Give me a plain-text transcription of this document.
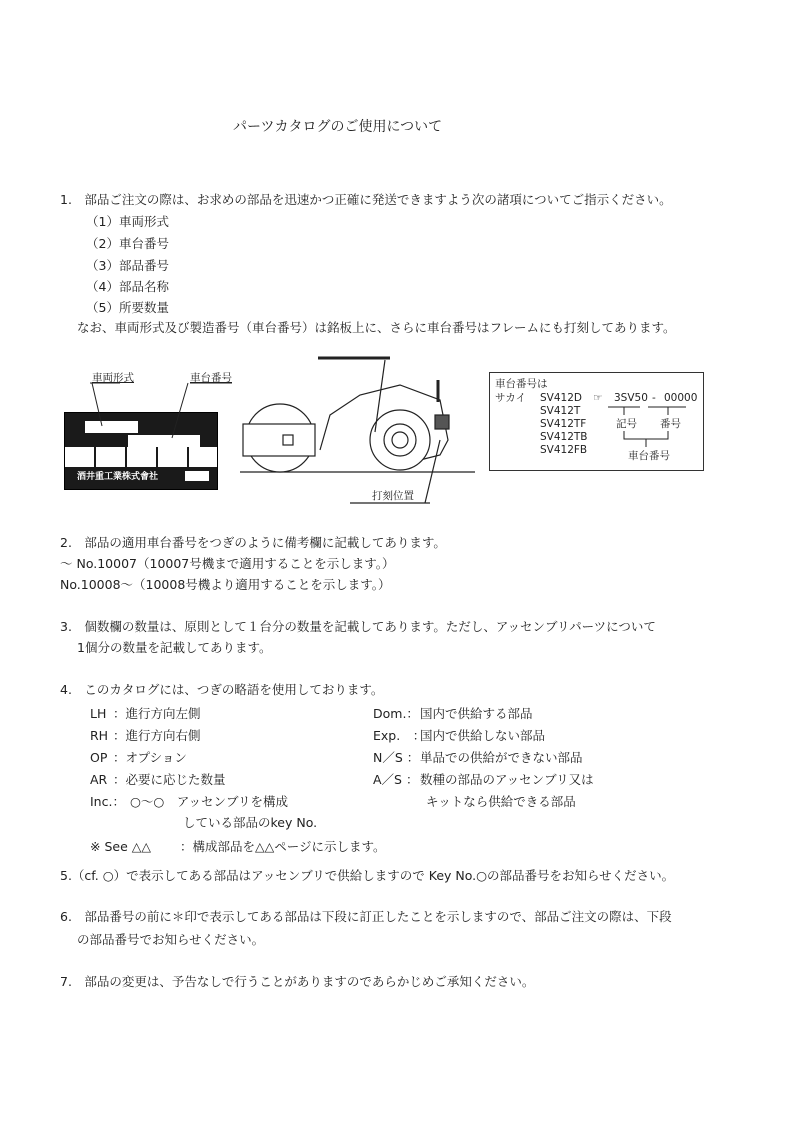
パーツカタログのご使用について
1.　部品ご注文の際は、お求めの部品を迅速かつ正確に発送できますよう次の諸項についてご指示ください。
（1）車両形式
（2）車台番号
（3）部品番号
（4）部品名称
（5）所要数量
なお、車両形式及び製造番号（車台番号）は銘板上に、さらに車台番号はフレームにも打刻してあります。
車両形式	車台番号
酒井重工業株式會社
打刻位置
車台番号は
サカイ SV412D
SV412T
SV412TF
SV412TB
SV412FB
☞ 3SV50 - 00000
記号 番号
車台番号
2.　部品の適用車台番号をつぎのように備考欄に記載してあります。
～ No.10007（10007号機まで適用することを示します。）
No.10008～（10008号機より適用することを示します。）
3.　個数欄の数量は、原則として１台分の数量を記載してあります。ただし、アッセンブリパーツについて
1個分の数量を記載してあります。
4.　このカタログには、つぎの略語を使用しております。
LH ：進行方向左側
RH ：進行方向右側
OP ：オプション
AR ：必要に応じた数量
Inc.： ○～○　アッセンブリを構成
している部品のkey No.
Dom.： 国内で供給する部品
Exp.　：
国内で供給しない部品
N／S ： 単品での供給ができない部品
A／S ： 数種の部品のアッセンブリ又は
キットなら供給できる部品
※ See △△ ：構成部品を△△ページに示します。
5.（cf. ○）で表示してある部品はアッセンブリで供給しますので Key No.○の部品番号をお知らせください。
6.　部品番号の前に＊印で表示してある部品は下段に訂正したことを示しますので、部品ご注文の際は、下段
の部品番号でお知らせください。
7.　部品の変更は、予告なしで行うことがありますのであらかじめご承知ください。
